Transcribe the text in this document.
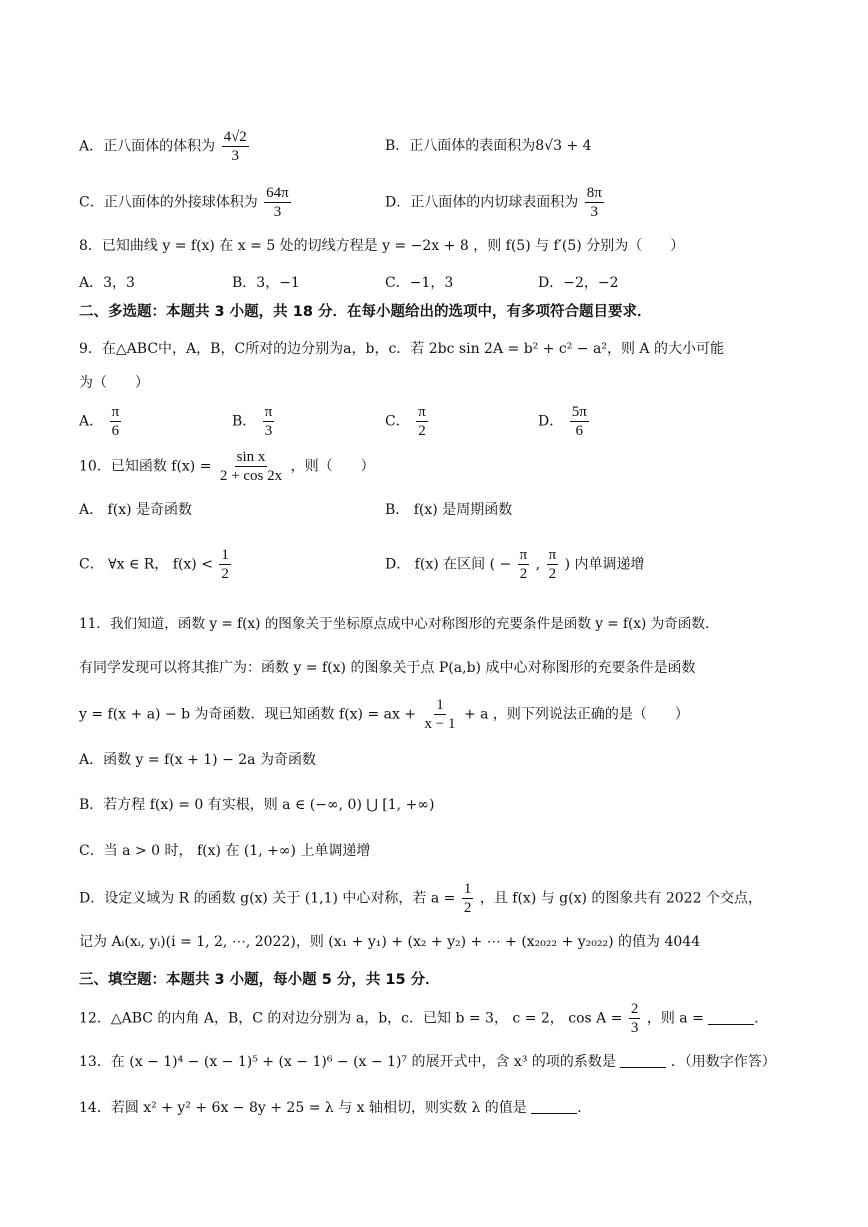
A．正八面体的体积为 $\frac{4√2}{3}$	B．正八面体的表面积为8√3 + 4
C．正八面体的外接球体积为 $\frac{64\pi}{3}$	D．正八面体的内切球表面积为 $\frac{8\pi}{3}$
8．已知曲线 y = f(x) 在 x = 5 处的切线方程是 y = −2x + 8 ，则 f(5) 与 f′(5) 分别为（　　）
A．3，3	B．3，−1	C．−1，3	D．−2，−2
二、多选题：本题共 3 小题，共 18 分．在每小题给出的选项中，有多项符合题目要求．
9．在△ABC中，A，B，C所对的边分别为a，b，c．若 2bc sin 2A = b² + c² − a²，则 A 的大小可能
为（　　）
A． $\frac{\pi}{6}$	B． $\frac{\pi}{3}$	C． $\frac{\pi}{2}$	D． $\frac{5\pi}{6}$
10．已知函数 $f(x) = \frac{\text{sin x}}{2 + \cos 2x}$ ，则（　　）
A． f(x) 是奇函数	B． f(x) 是周期函数
C． ∀x ∈ R， $f(x) < \frac{1}{2}$	D． f(x) 在区间 ( − $\frac{\pi}{2}$ , $\frac{\pi}{2}$ ) 内单调递增
11．我们知道，函数 y = f(x) 的图象关于坐标原点成中心对称图形的充要条件是函数 y = f(x) 为奇函数.
有同学发现可以将其推广为：函数 y = f(x) 的图象关于点 P(a,b) 成中心对称图形的充要条件是函数
y = f(x + a) − b 为奇函数．现已知函数 f(x) = ax + $\frac{1}{x - 1} + a$ ，则下列说法正确的是（　　）
A．函数 y = f(x + 1) − 2a 为奇函数
B．若方程 f(x) = 0 有实根，则 a ∈ (−∞, 0) ⋃ [1, +∞)
C．当 a > 0 时， f(x) 在 (1, +∞) 上单调递增
D．设定义域为 R 的函数 g(x) 关于 (1,1) 中心对称，若 $a = \frac{1}{2}$ ，且 f(x) 与 g(x) 的图象共有 2022 个交点，
记为 Aᵢ(xᵢ, yᵢ)(i = 1, 2, ⋯, 2022)，则 (x₁ + y₁) + (x₂ + y₂) + ⋯ + (x₂₀₂₂ + y₂₀₂₂) 的值为 4044
三、填空题：本题共 3 小题，每小题 5 分，共 15 分．
12．△ABC 的内角 A，B，C 的对边分别为 a，b，c．已知 b = 3， c = 2， $\cos A = \frac{2}{3}$ ，则 a =	.
13．在 (x − 1)⁴ − (x − 1)⁵ + (x − 1)⁶ − (x − 1)⁷ 的展开式中，含 x³ 的项的系数是	．（用数字作答）
14．若圆 x² + y² + 6x − 8y + 25 = λ 与 x 轴相切，则实数 λ 的值是	.
